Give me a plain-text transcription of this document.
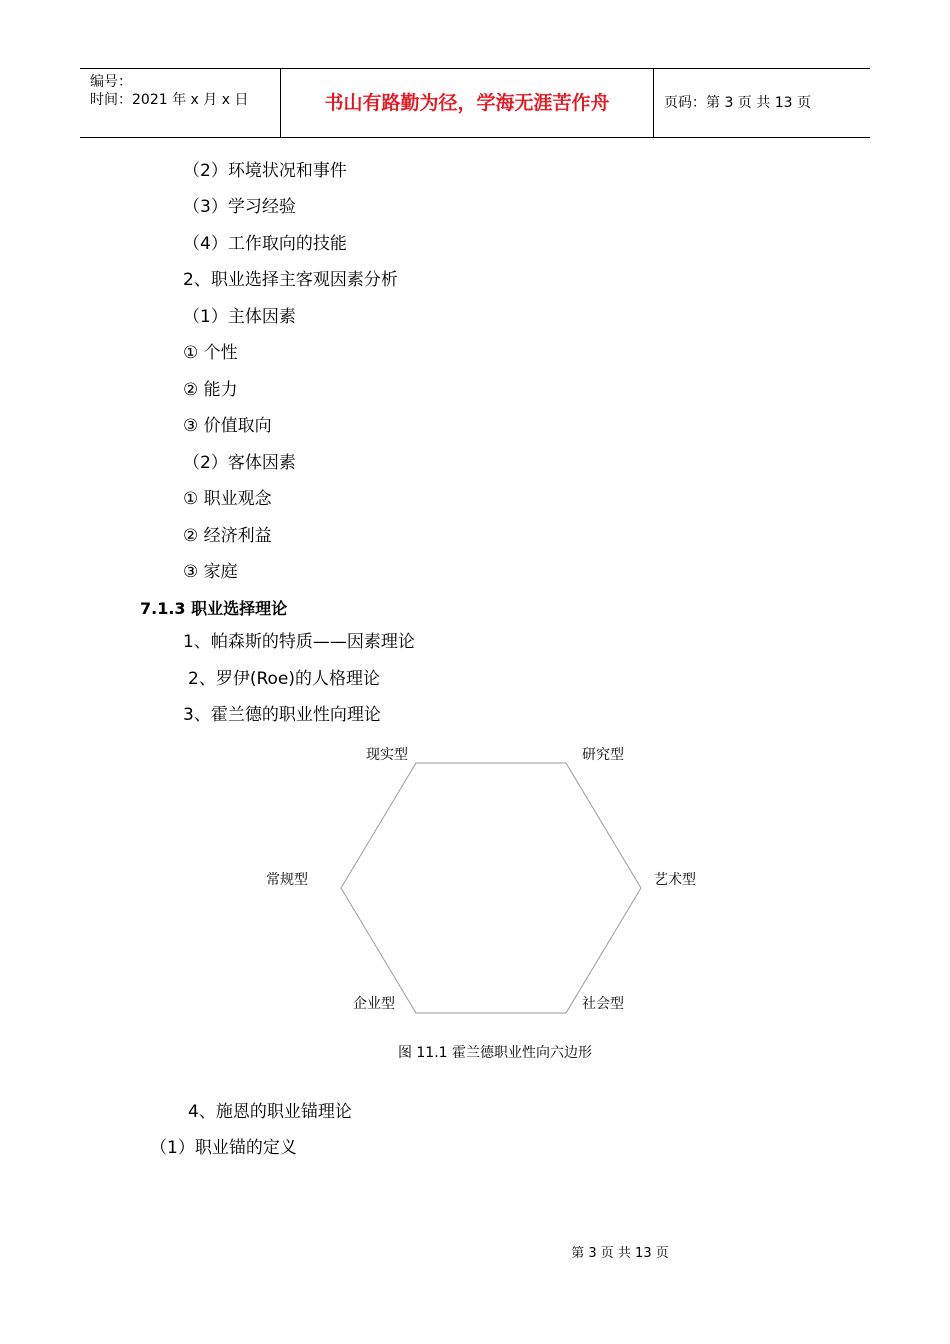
编号：
时间：2021 年 x 月 x 日	书山有路勤为径，学海无涯苦作舟	页码：第 3 页 共 13 页
（2）环境状况和事件
（3）学习经验
（4）工作取向的技能
2、职业选择主客观因素分析
（1）主体因素
① 个性
② 能力
③ 价值取向
（2）客体因素
① 职业观念
② 经济利益
③ 家庭
7.1.3 职业选择理论
1、帕森斯的特质——因素理论
2、罗伊(Roe)的人格理论
3、霍兰德的职业性向理论
现实型	研究型
艺术型
社会型
企业型
常规型
图 11.1 霍兰德职业性向六边形
4、施恩的职业锚理论
（1）职业锚的定义
第 3 页 共 13 页
